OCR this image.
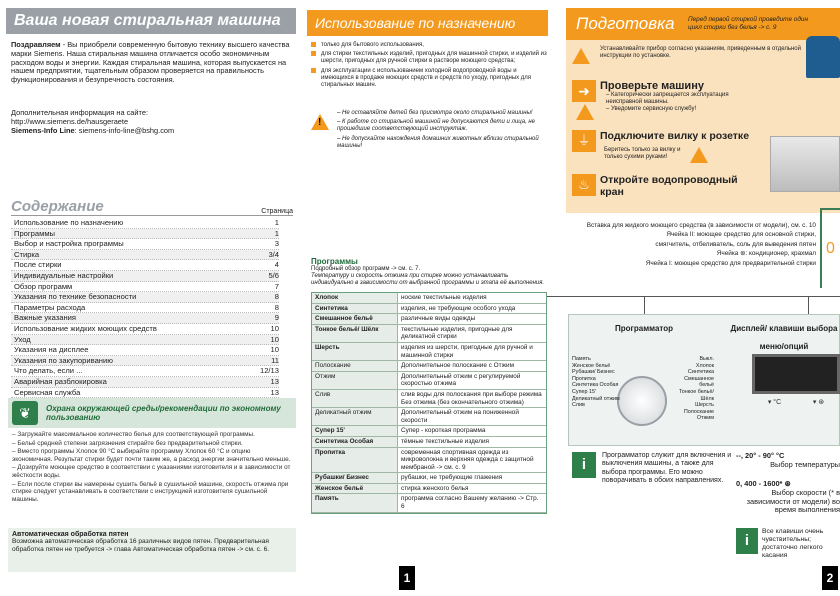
Ваша новая стиральная машина
Поздравляем - Вы приобрели современную бытовую технику высшего качества марки Siemens. Наша стиральная машина отличается особо экономичным расходом воды и энергии. Каждая стиральная машина, которая выпускается на нашем предприятии, тщательным образом проверяется на правильность функционирования и безупречность состояния.
Дополнительная информация на сайте:
http://www.siemens.de/hausgeraete
Siemens-Info Line: siemens-info-line@bshg.com
Содержание	Страница
Использование по назначению	1
Программы	1
Выбор и настройка программы	3
Стирка	3/4
После стирки	4
Индивидуальные настройки	5/6
Обзор программ	7
Указания по технике безопасности	8
Параметры расхода	8
Важные указания	9
Использование жидких моющих средств	10
Уход	10
Указания на дисплее	10
Указания по закупориванию	11
Что делать, если ...	12/13
Аварийная разблокировка	13
Сервисная служба	13
❦	Охрана окружающей среды/рекомендации по экономному пользованию
– Загружайте максимальное количество белья для соответствующей программы.
– Бельё средней степени загрязнения стирайте без предварительной стирки.
– Вместо программы Хлопок 90 °C выбирайте программу Хлопок 60 °C и опцию экономичная. Результат стирки будет почти таким же, а расход энергии значительно меньше.
– Дозируйте моющее средство в соответствии с указаниями изготовителя и в зависимости от жёсткости воды.
– Если после стирки вы намерены сушить бельё в сушильной машине, скорость отжима при стирке следует устанавливать в соответствии с инструкцией изготовителя сушильной машины.
Автоматическая обработка пятен
Возможна автоматическая обработка 16 различных видов пятен. Предварительная обработка пятен не требуется -> глава Автоматическая обработка пятен -> см. с. 6.
Использование по назначению
только для бытового использования,
для стирки текстильных изделий, пригодных для машинной стирки, и изделий из шерсти, пригодных для ручной стирки в растворе моющего средства;
для эксплуатации с использованием холодной водопроводной воды и имеющихся в продаже моющих средств и средств по уходу, пригодных для стиральных машин.
!
– Не оставляйте детей без присмотра около стиральной машины!
– К работе со стиральной машиной не допускаются дети и лица, не прошедшие соответствующий инструктаж.
– Не допускайте нахождения домашних животных вблизи стиральной машины!
Программы
Подробный обзор программ -> см. с. 7.
Температуру и скорость отжима при стирке можно устанавливать индивидуально в зависимости от выбранной программы и этапа её выполнения.
Хлопок	ноские текстильные изделия
Синтетика	изделия, не требующие особого ухода
Смешанное бельё	различные виды одежды
Тонкое бельё/ Шёлк	текстильные изделия, пригодные для деликатной стирки
Шерсть	изделия из шерсти, пригодные для ручной и машинной стирки
Полоскание	Дополнительное полоскание с Отжим
Отжим	Дополнительный отжим с регулируемой скоростью отжима
Слив	слив воды для полоскания при выборе режима Без отжима (без окончательного отжима)
Деликатный отжим	Дополнительный отжим на пониженной скорости
Супер 15'	Супер - короткая программа
Синтетика Особая	тёмные текстильные изделия
Пропитка	современная спортивная одежда из микроволокна и верхняя одежда с защитной мембраной -> см. с. 9
Рубашки/ Бизнес	рубашки, не требующие глажения
Женское бельё	стирка женского белья
Память	программа согласно Вашему желанию -> Стр. 6
1
Подготовка	Перед первой стиркой проведите один цикл стирки без белья -> с. 9
Устанавливайте прибор согласно указаниям, приведенным в отдельной инструкции по установке.
➜ Проверьте машину
– Категорически запрещается эксплуатация неисправной машины.
– Уведомите сервисную службу!
⏚ Подключите вилку к розетке
Беритесь только за вилку и только сухими руками!
♨ Откройте водопроводный кран
Вставка для жидкого моющего средства (в зависимости от модели), см. с. 10
Ячейка II: моющее средство для основной стирки,
смягчитель, отбеливатель, соль для выведения пятен
Ячейка ⊛: кондиционер, крахмал
Ячейка I: моющее средство для предварительной стирки
0
Программатор	Дисплей/ клавиши выбора меню/опций
Память
Женское бельё
Рубашки/ Бизнес
Пропитка
Синтетика Особая
Супер 15'
Деликатный отжим
Слив
Выкл.
Хлопок
Синтетика
Смешанное бельё
Тонкое бельё/ Шёлк
Шерсть
Полоскание
Отжим
▾ °C	▾ ⊛
i
Программатор служит для включения и выключения машины, а также для выбора программы. Его можно поворачивать в обоих направлениях.
--, 20° - 90° °C
Выбор температуры
0, 400 - 1600* ⊛
Выбор скорости (* в зависимости от модели) во время выполнения
i
Все клавиши очень чувствительны; достаточно легкого касания
2
